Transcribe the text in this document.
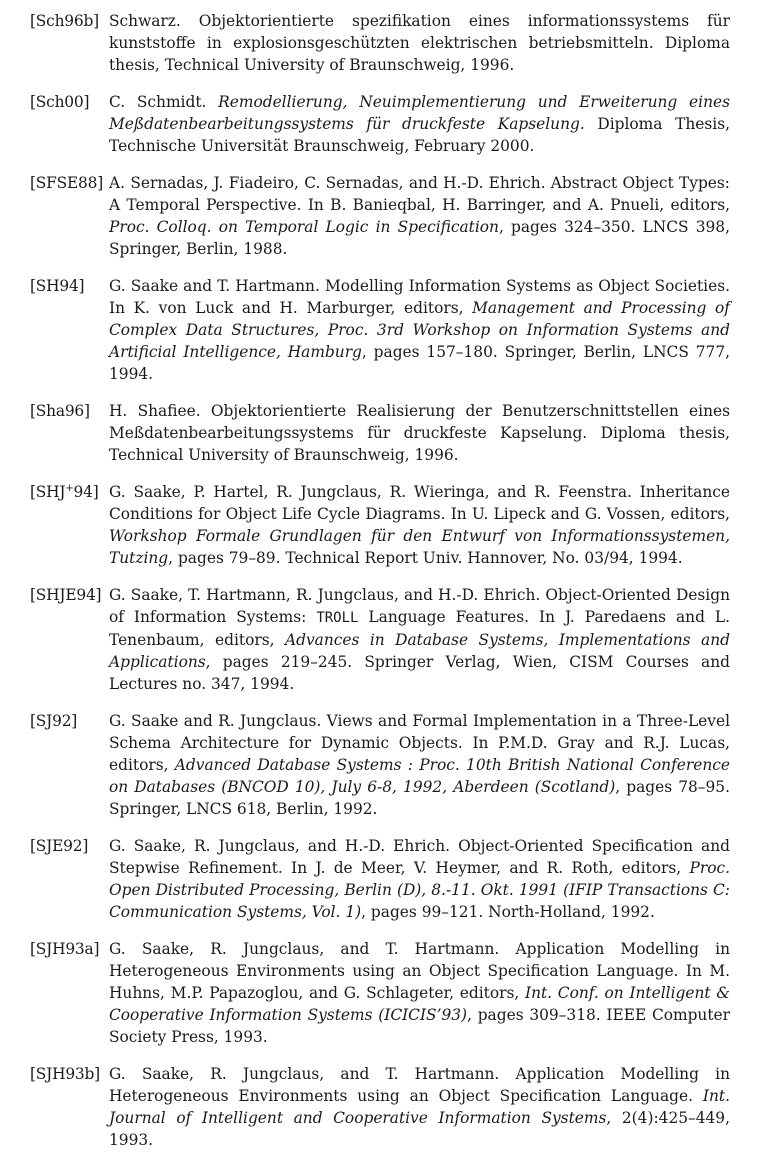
[Sch96b] Schwarz. Objektorientierte spezifikation eines informationssystems für kunststoffe in explosionsgeschützten elektrischen betriebsmitteln. Diploma thesis, Technical University of Braunschweig, 1996.
[Sch00]	C. Schmidt. Remodellierung, Neuimplementierung und Erweiterung eines Meßdatenbearbeitungssystems für druckfeste Kapselung. Diploma Thesis, Technische Universität Braunschweig, February 2000.
[SFSE88] A. Sernadas, J. Fiadeiro, C. Sernadas, and H.-D. Ehrich. Abstract Object Types: A Temporal Perspective. In B. Banieqbal, H. Barringer, and A. Pnueli, editors, Proc. Colloq. on Temporal Logic in Specification, pages 324–350. LNCS 398, Springer, Berlin, 1988.
[SH94]	G. Saake and T. Hartmann. Modelling Information Systems as Object Societies. In K. von Luck and H. Marburger, editors, Management and Processing of Complex Data Structures, Proc. 3rd Workshop on Information Systems and Artificial Intelligence, Hamburg, pages 157–180. Springer, Berlin, LNCS 777, 1994.
[Sha96]	H. Shafiee. Objektorientierte Realisierung der Benutzerschnittstellen eines Meßdatenbearbeitungssystems für druckfeste Kapselung. Diploma thesis, Technical University of Braunschweig, 1996.
[SHJ+94] G. Saake, P. Hartel, R. Jungclaus, R. Wieringa, and R. Feenstra. Inheritance Conditions for Object Life Cycle Diagrams. In U. Lipeck and G. Vossen, editors, Workshop Formale Grundlagen für den Entwurf von Informationssystemen, Tutzing, pages 79–89. Technical Report Univ. Hannover, No. 03/94, 1994.
[SHJE94] G. Saake, T. Hartmann, R. Jungclaus, and H.-D. Ehrich. Object-Oriented Design of Information Systems: TROLL Language Features. In J. Paredaens and L. Tenenbaum, editors, Advances in Database Systems, Implementations and Applications, pages 219–245. Springer Verlag, Wien, CISM Courses and Lectures no. 347, 1994.
[SJ92]	G. Saake and R. Jungclaus. Views and Formal Implementation in a Three-Level Schema Architecture for Dynamic Objects. In P.M.D. Gray and R.J. Lucas, editors, Advanced Database Systems : Proc. 10th British National Conference on Databases (BNCOD 10), July 6-8, 1992, Aberdeen (Scotland), pages 78–95. Springer, LNCS 618, Berlin, 1992.
[SJE92]	G. Saake, R. Jungclaus, and H.-D. Ehrich. Object-Oriented Specification and Stepwise Refinement. In J. de Meer, V. Heymer, and R. Roth, editors, Proc. Open Distributed Processing, Berlin (D), 8.-11. Okt. 1991 (IFIP Transactions C: Communication Systems, Vol. 1), pages 99–121. North-Holland, 1992.
[SJH93a] G. Saake, R. Jungclaus, and T. Hartmann. Application Modelling in Heterogeneous Environments using an Object Specification Language. In M. Huhns, M.P. Papazoglou, and G. Schlageter, editors, Int. Conf. on Intelligent & Cooperative Information Systems (ICICIS’93), pages 309–318. IEEE Computer Society Press, 1993.
[SJH93b] G. Saake, R. Jungclaus, and T. Hartmann. Application Modelling in Heterogeneous Environments using an Object Specification Language. Int. Journal of Intelligent and Cooperative Information Systems, 2(4):425–449, 1993.
